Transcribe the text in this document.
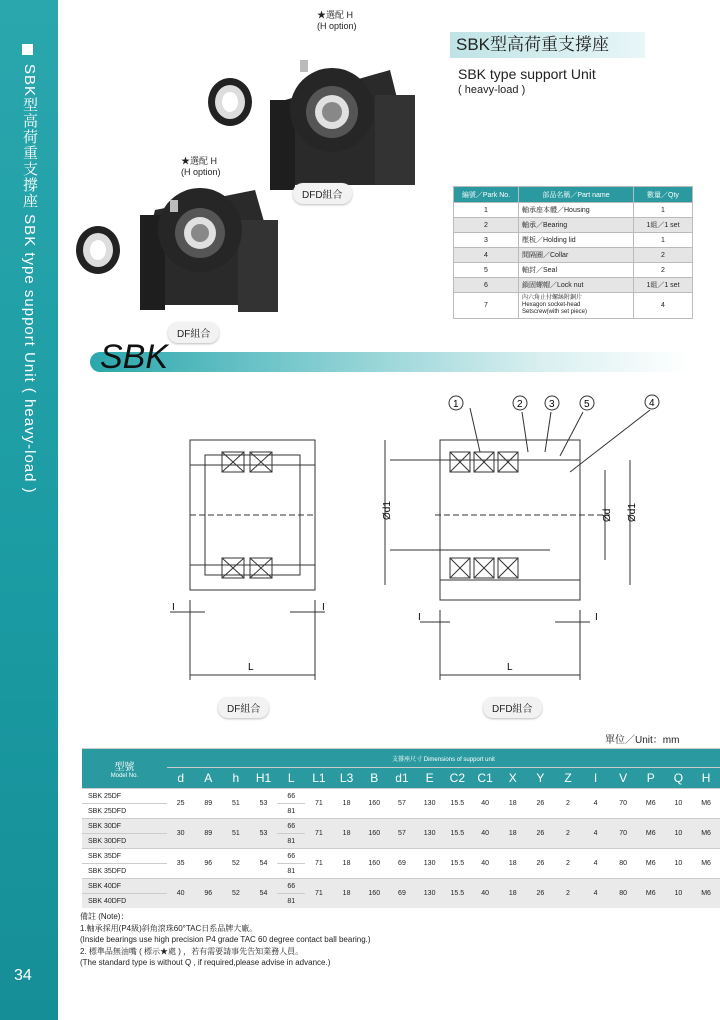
SBK型高荷重支撐座 SBK type support Unit ( heavy-load )
34
SBK型高荷重支撐座
SBK type support Unit
( heavy-load )
★選配 H
(H option)
★選配 H
(H option)
DFD組合
DF組合
編號／Park No.	部品名稱／Part name	數量／Qty
1	軸承座本體／Housing	1
2	軸承／Bearing	1組／1 set
3	壓板／Holding lid	1
4	間隔圈／Collar	2
5	軸封／Seal	2
6	鎖固螺帽／Lock nut	1組／1 set
7	內六角止付螺絲附銅片
Hexagon socket-head
Setscrew(with set piece)	4
SBK
I	I
L
1	2	3	5	4
Ød1	Ød Ød1
I	I
L
DF組合	DFD組合
單位／Unit：mm
型號
Model No.	支撐座尺寸 Dimensions of support unit																			
	d	A	h	H1	L	L1	L3	B	d1	E	C2	C1	X	Y	Z	I	V	P	Q	H
SBK 25DF	25	89	51	53	66	71	18	160	57	130	15.5	40	18	26	2	4	70	M6	10	M6
SBK 25DFD					81															
SBK 30DF	30	89	51	53	66	71	18	160	57	130	15.5	40	18	26	2	4	70	M6	10	M6
SBK 30DFD					81															
SBK 35DF	35	96	52	54	66	71	18	160	69	130	15.5	40	18	26	2	4	80	M6	10	M6
SBK 35DFD					81															
SBK 40DF	40	96	52	54	66	71	18	160	69	130	15.5	40	18	26	2	4	80	M6	10	M6
SBK 40DFD					81															
備註 (Note)：
1.軸承採用(P4級)斜角滾珠60°TAC日系品牌大廠。
(Inside bearings use high precision P4 grade TAC 60 degree contact ball bearing.)
2. 標準品無油嘴 ( 標示★處 ) ，若有需要請事先告知業務人員。
(The standard type is without Q , if required,please advise in advance.)
